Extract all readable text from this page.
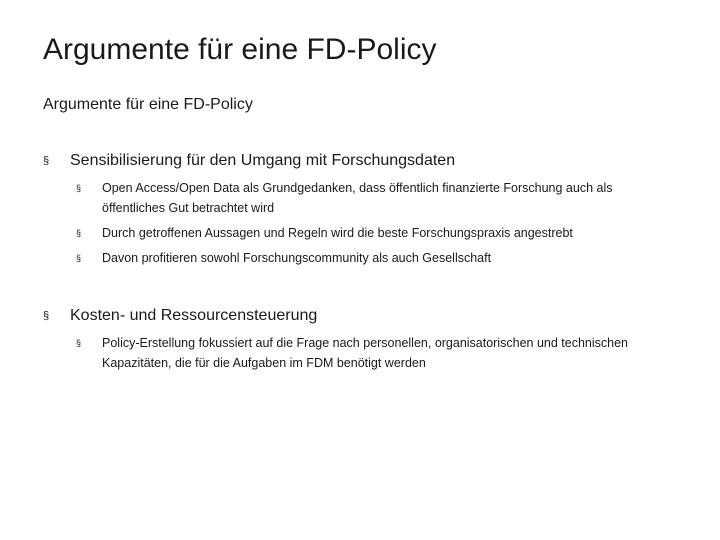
Argumente für eine FD-Policy

Argumente für eine FD-Policy

§	Sensibilisierung für den Umgang mit Forschungsdaten
§	Open Access/Open Data als Grundgedanken, dass öffentlich finanzierte Forschung auch als öffentliches Gut betrachtet wird
§	Durch getroffenen Aussagen und Regeln wird die beste Forschungspraxis angestrebt
§	Davon profitieren sowohl Forschungscommunity als auch Gesellschaft
§	Kosten- und Ressourcensteuerung
§	Policy-Erstellung fokussiert auf die Frage nach personellen, organisatorischen und technischen Kapazitäten, die für die Aufgaben im FDM benötigt werden
